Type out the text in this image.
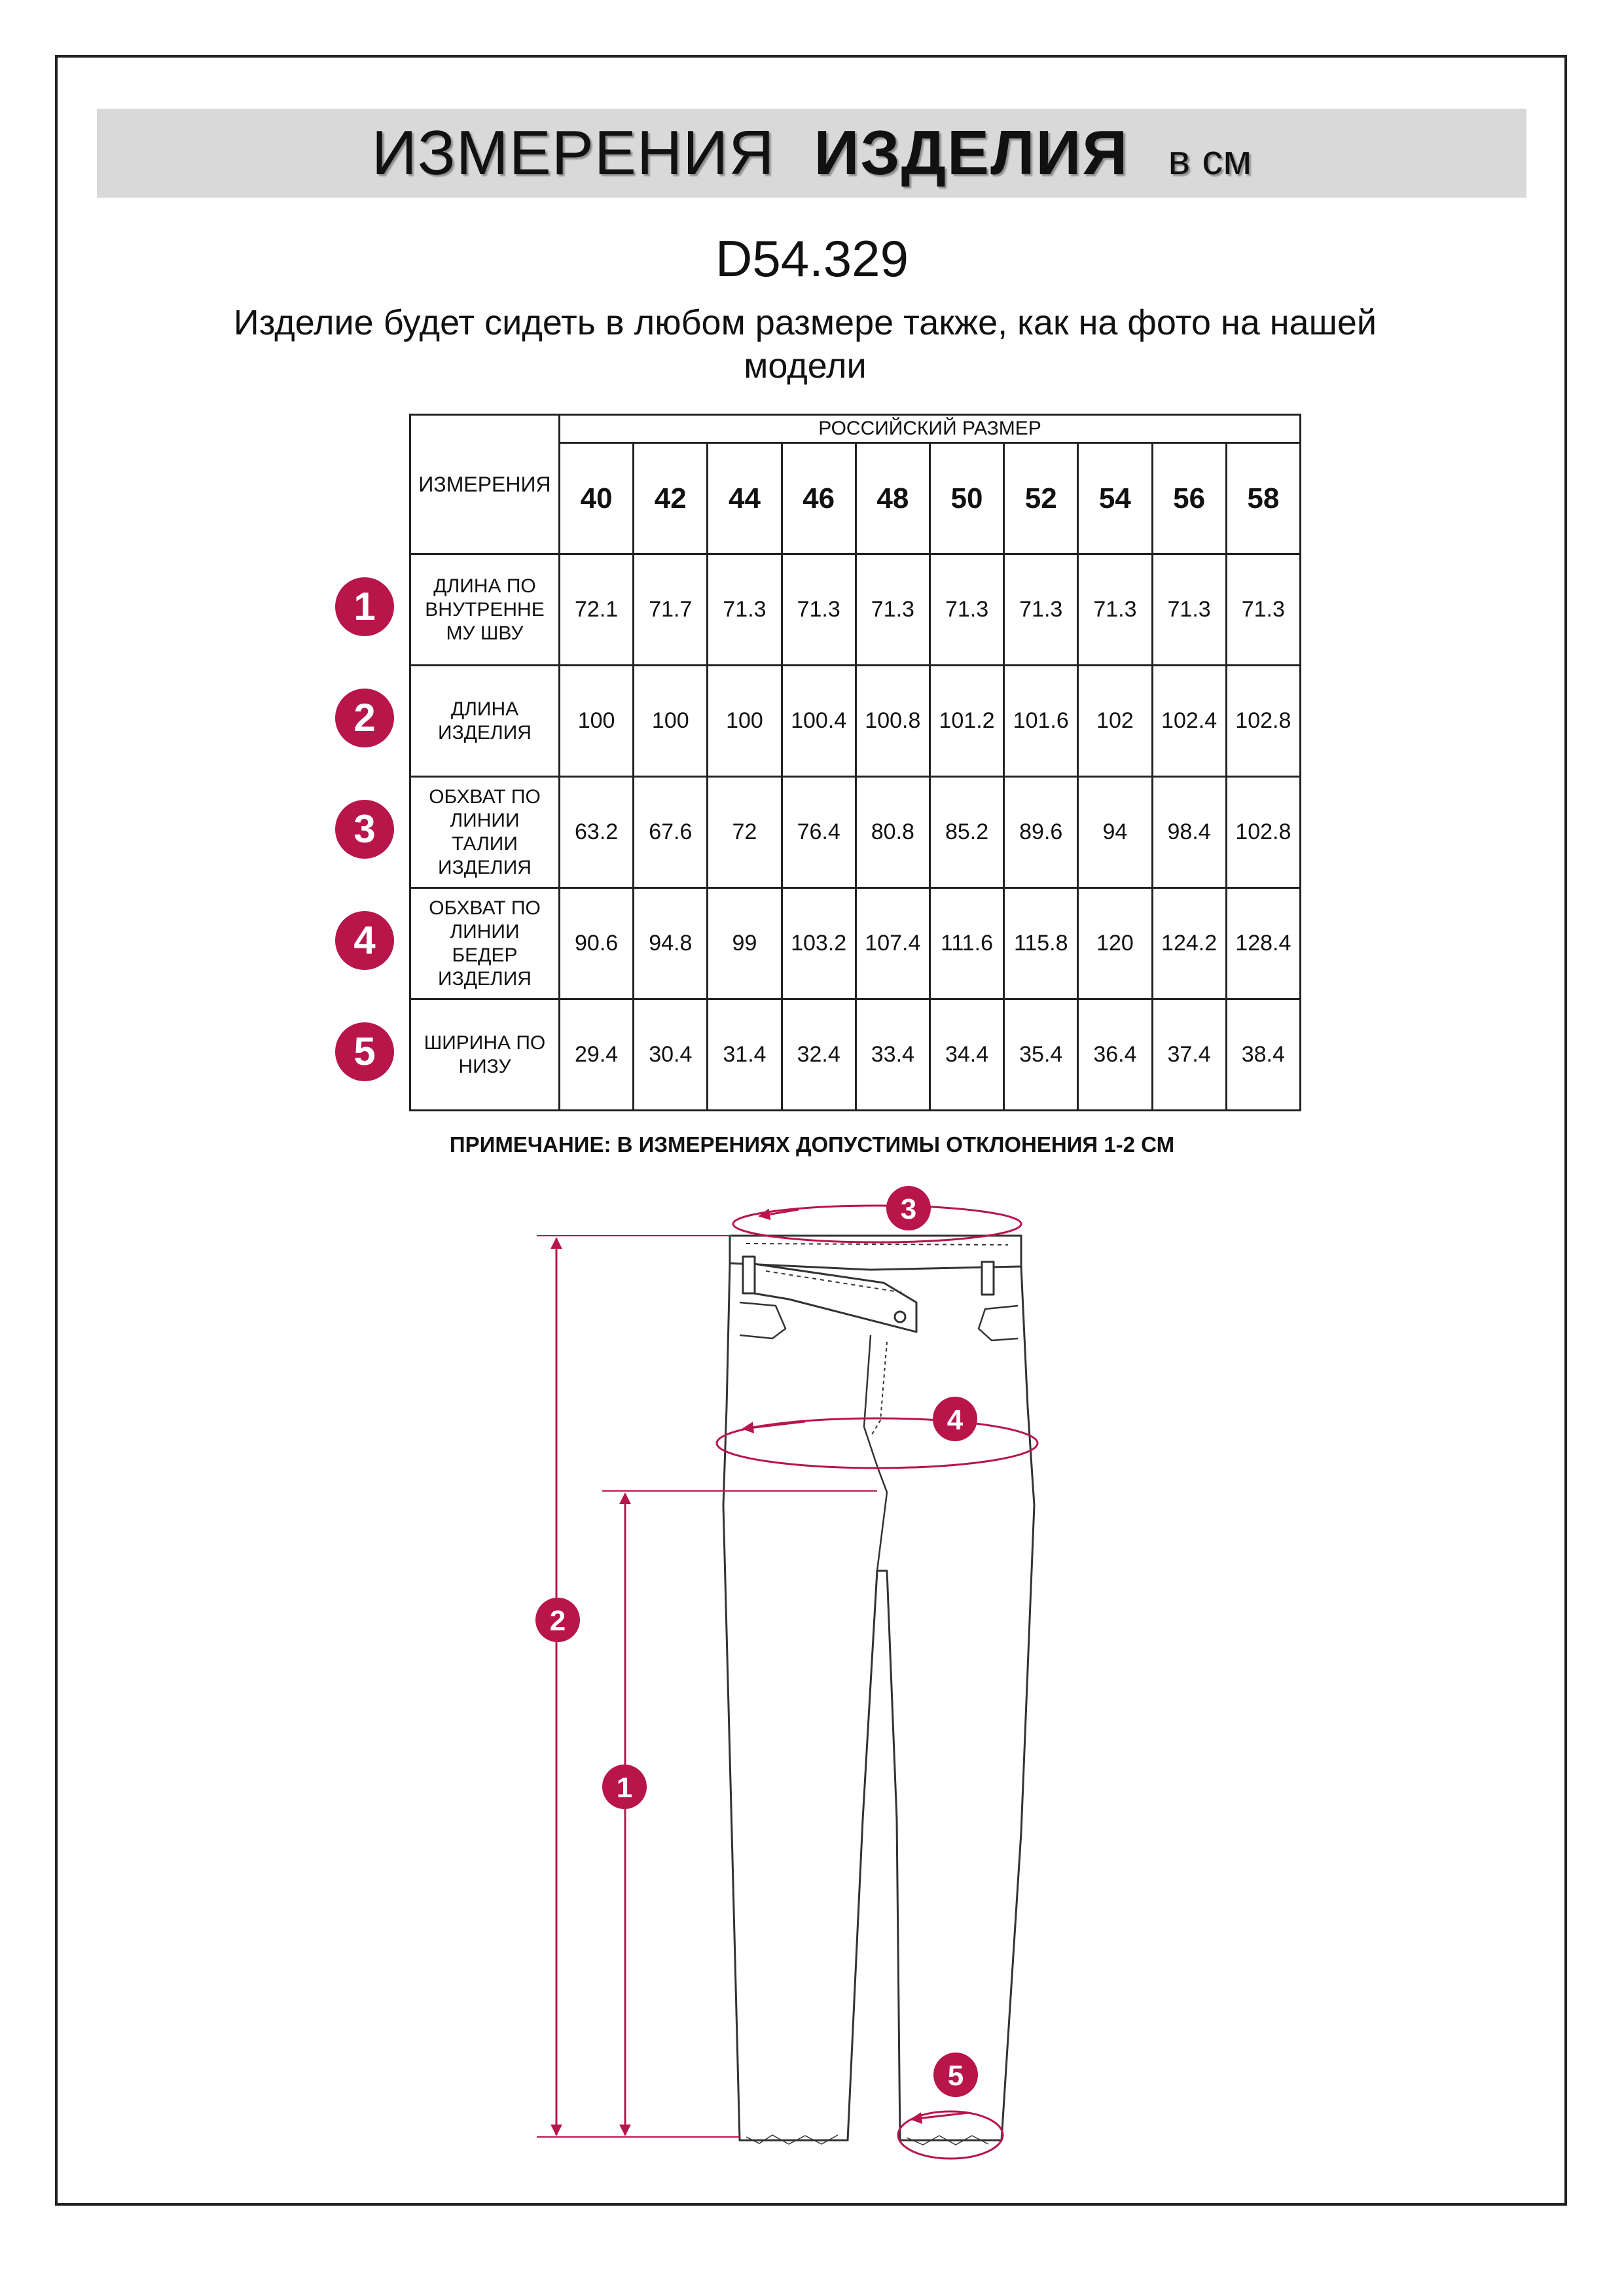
ИЗМЕРЕНИЯ ИЗДЕЛИЯ в см
D54.329
Изделие будет сидеть в любом размере также, как на фото на нашей модели
ИЗМЕРЕНИЯ	РОССИЙСКИЙ РАЗМЕР									
	40	42	44	46	48	50	52	54	56	58
ДЛИНА ПО ВНУТРЕННЕ МУ ШВУ	72.1	71.7	71.3	71.3	71.3	71.3	71.3	71.3	71.3	71.3
ДЛИНА ИЗДЕЛИЯ	100	100	100	100.4	100.8	101.2	101.6	102	102.4	102.8
ОБХВАТ ПО ЛИНИИ ТАЛИИ ИЗДЕЛИЯ	63.2	67.6	72	76.4	80.8	85.2	89.6	94	98.4	102.8
ОБХВАТ ПО ЛИНИИ БЕДЕР ИЗДЕЛИЯ	90.6	94.8	99	103.2	107.4	111.6	115.8	120	124.2	128.4
ШИРИНА ПО НИЗУ	29.4	30.4	31.4	32.4	33.4	34.4	35.4	36.4	37.4	38.4
1
2
3
4
5
ПРИМЕЧАНИЕ: В ИЗМЕРЕНИЯХ ДОПУСТИМЫ ОТКЛОНЕНИЯ 1-2 СМ
3
4
2
1
5
